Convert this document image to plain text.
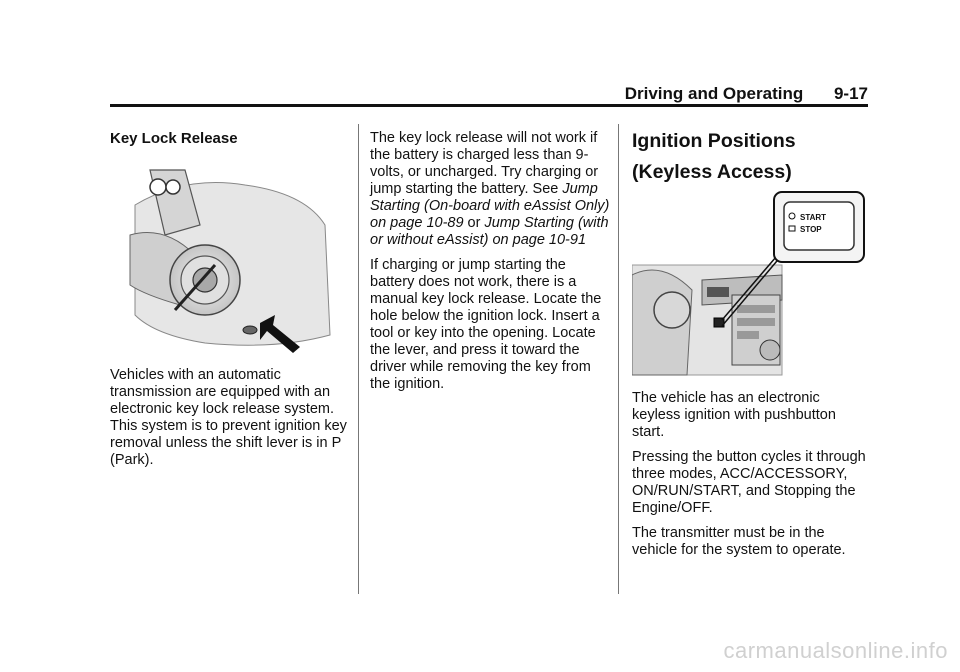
Driving and Operating 9-17

Key Lock Release

Vehicles with an automatic transmission are equipped with an electronic key lock release system. This system is to prevent ignition key removal unless the shift lever is in P (Park).

The key lock release will not work if the battery is charged less than 9-volts, or uncharged. Try charging or jump starting the battery. See Jump Starting (On-board with eAssist Only) on page 10-89 or Jump Starting (with or without eAssist) on page 10-91

If charging or jump starting the battery does not work, there is a manual key lock release. Locate the hole below the ignition lock. Insert a tool or key into the opening. Locate the lever, and press it toward the driver while removing the key from the ignition.

Ignition Positions

(Keyless Access)

START
STOP

The vehicle has an electronic keyless ignition with pushbutton start.

Pressing the button cycles it through three modes, ACC/ACCESSORY, ON/RUN/START, and Stopping the Engine/OFF.

The transmitter must be in the vehicle for the system to operate.

carmanualsonline.info
